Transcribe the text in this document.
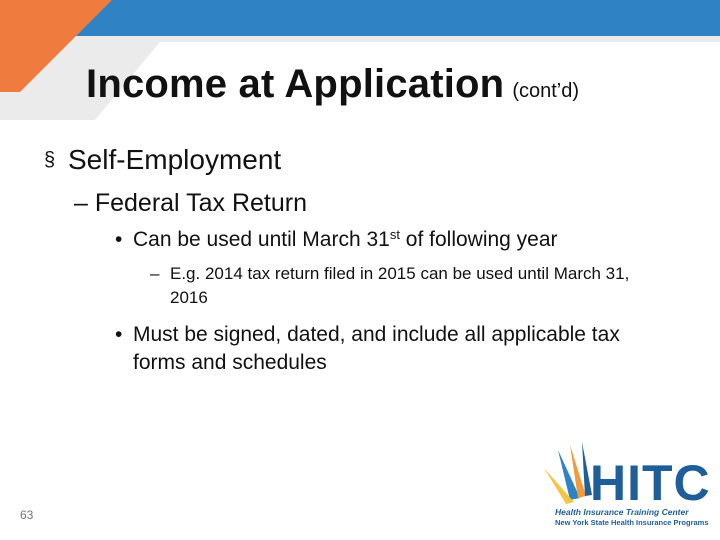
Income at Application (cont’d)
§ Self-Employment
– Federal Tax Return
• Can be used until March 31st of following year
– E.g. 2014 tax return filed in 2015 can be used until March 31, 2016
• Must be signed, dated, and include all applicable tax forms and schedules
63
HITC
Health Insurance Training Center
New York State Health Insurance Programs
